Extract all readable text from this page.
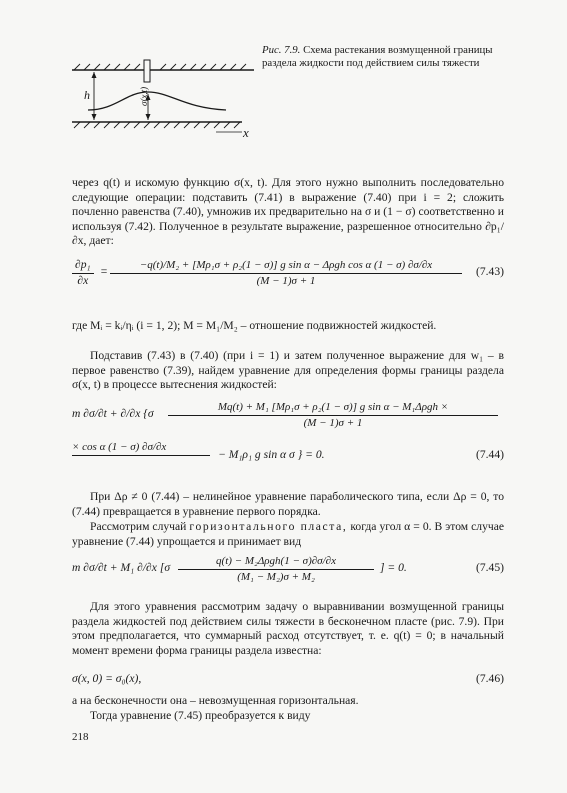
h	σ(x,t)
x
Рис. 7.9. Схема растекания возмущенной границы раздела жидкости под действием силы тяжести
через q(t) и искомую функцию σ(x, t). Для этого нужно выполнить последовательно следующие операции: подставить (7.41) в выражение (7.40) при i = 2; сложить почленно равенства (7.40), умножив их предварительно на σ и (1 − σ) соответственно и используя (7.42). Полученное в результате выражение, разрешенное относительно ∂p₁/∂x, дает:
$\frac{\text{∂p₁}}{\partial x}$ =	−q(t)/M₂ + [Mρ₁σ + ρ₂(1 − σ)] g sin α − Δρgh cos α (1 − σ) ∂σ/∂x
(M − 1)σ + 1
(7.43)
где Mᵢ = kᵢ/ηᵢ (i = 1, 2); M = M₁/M₂ – отношение подвижностей жидкостей.
Подставив (7.43) в (7.40) (при i = 1) и затем полученное выражение для w₁ – в первое равенство (7.39), найдем уравнение для определения формы границы раздела σ(x, t) в процессе вытеснения жидкостей:
m ∂σ/∂t + ∂/∂x {σ	Mq(t) + M₁ [Mρ₁σ + ρ₂(1 − σ)] g sin α − M₁Δρgh ×
(M − 1)σ + 1
× cos α (1 − σ) ∂σ/∂x
− M₁ρ₁ g sin α σ } = 0.	(7.44)
При Δρ ≠ 0 (7.44) – нелинейное уравнение параболического типа, если Δρ = 0, то (7.44) превращается в уравнение первого порядка.
Рассмотрим случай горизонтального пласта, когда угол α = 0. В этом случае уравнение (7.44) упрощается и принимает вид
m ∂σ/∂t + M₁ ∂/∂x [σ	q(t) − M₂Δρgh(1 − σ)∂σ/∂x
(M₁ − M₂)σ + M₂
] = 0.	(7.45)
Для этого уравнения рассмотрим задачу о выравнивании возмущенной границы раздела жидкостей под действием силы тяжести в бесконечном пласте (рис. 7.9). При этом предполагается, что суммарный расход отсутствует, т. е. q(t) = 0; в начальный момент времени форма границы раздела известна:
σ(x, 0) = σ₀(x),	(7.46)
а на бесконечности она – невозмущенная горизонтальная.
Тогда уравнение (7.45) преобразуется к виду
218
